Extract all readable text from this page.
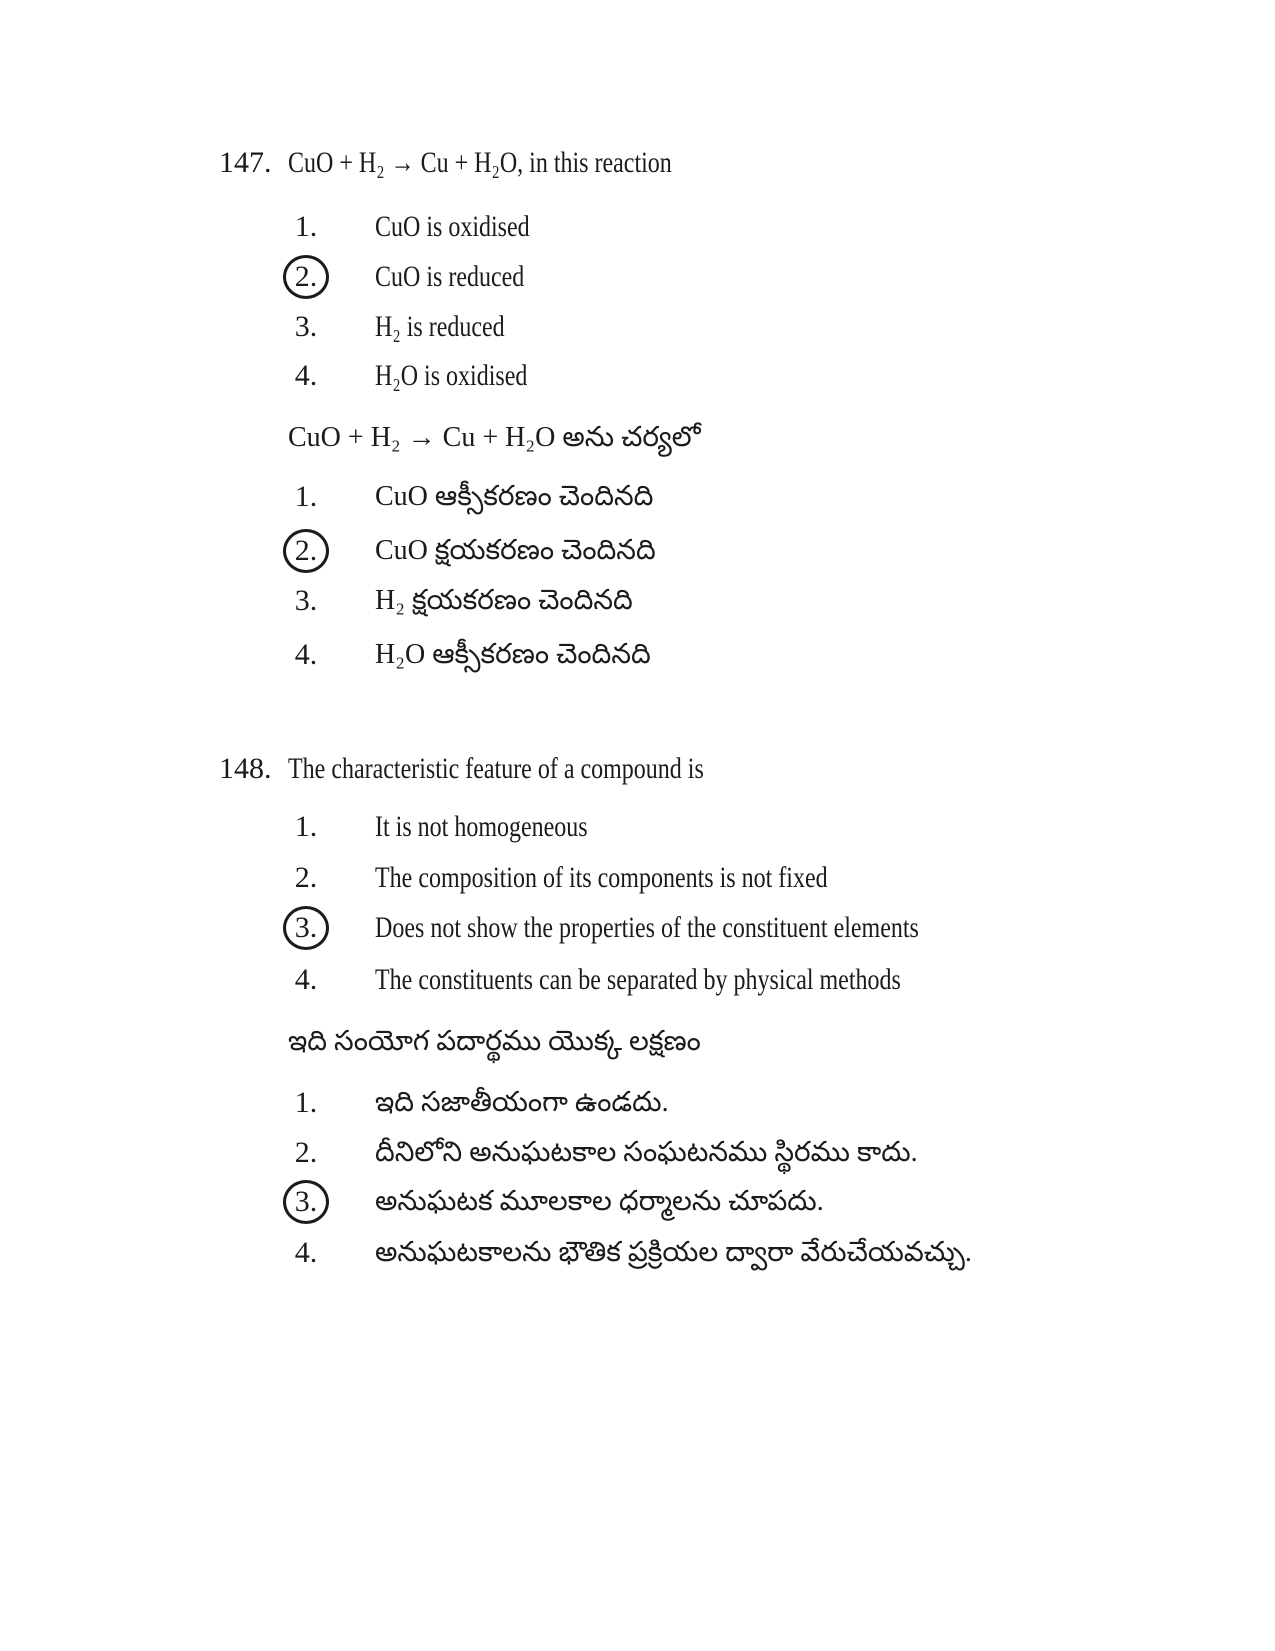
147. CuO + H₂ → Cu + H₂O, in this reaction
1.	CuO is oxidised
2.	CuO is reduced
3.	H₂ is reduced
4.	H₂O is oxidised
CuO + H₂ → Cu + H₂O అను చర్యలో
1.	CuO ఆక్సీకరణం చెందినది
2.	CuO క్షయకరణం చెందినది
3.	H₂ క్షయకరణం చెందినది
4.	H₂O ఆక్సీకరణం చెందినది
148. The characteristic feature of a compound is
1.	It is not homogeneous
2.	The composition of its components is not fixed
3.	Does not show the properties of the constituent elements
4.	The constituents can be separated by physical methods
ఇది సంయోగ పదార్థము యొక్క లక్షణం
1.	ఇది సజాతీయంగా ఉండదు.
2.	దీనిలోని అనుఘటకాల సంఘటనము స్థిరము కాదు.
3.	అనుఘటక మూలకాల ధర్మాలను చూపదు.
4.	అనుఘటకాలను భౌతిక ప్రక్రియల ద్వారా వేరుచేయవచ్చు.
